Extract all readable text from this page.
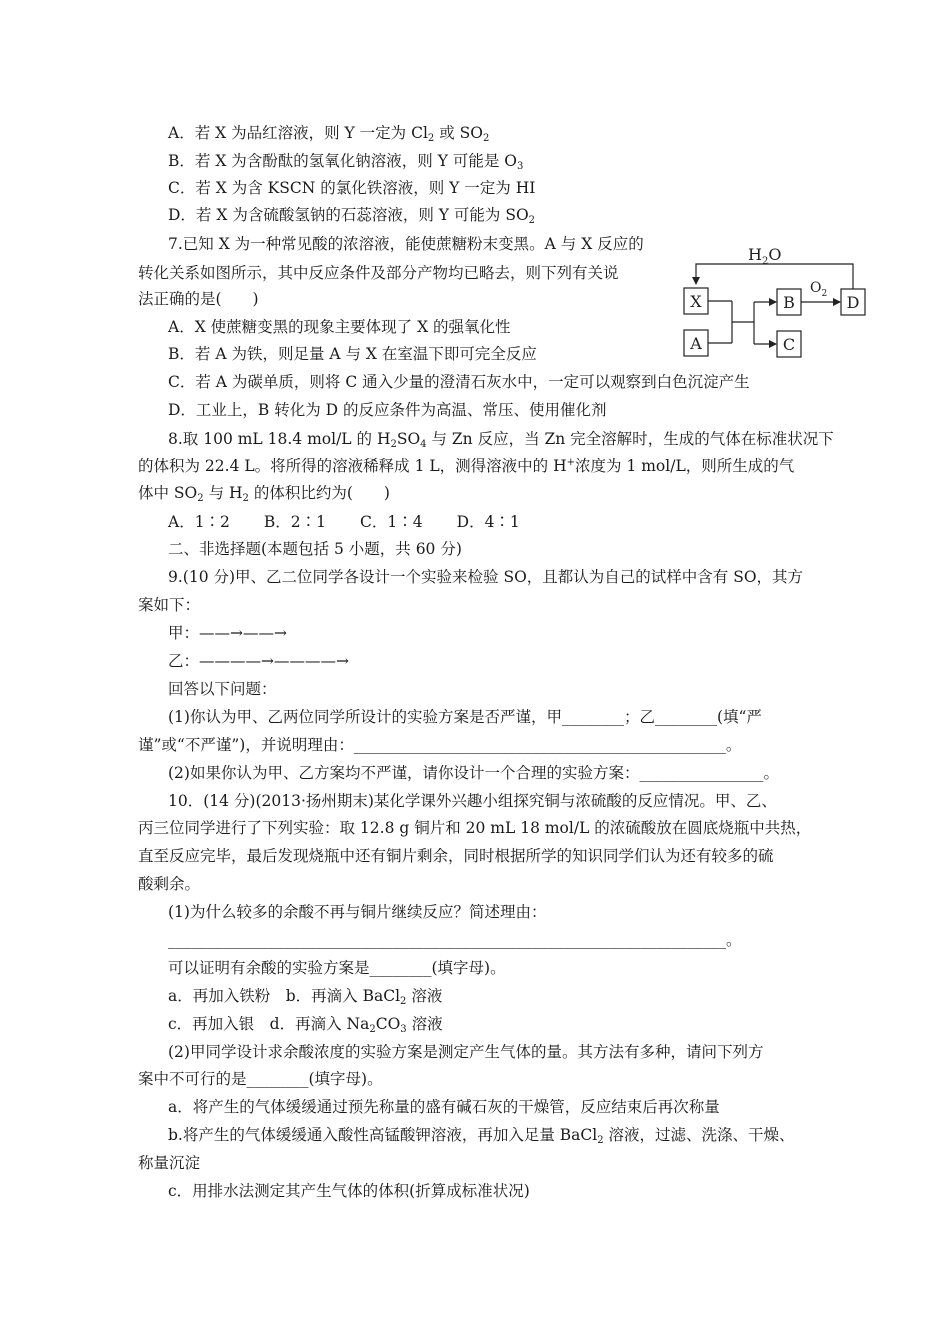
A．若 X 为品红溶液，则 Y 一定为 $Cl_2$ 或 $SO_2$
B．若 X 为含酚酞的氢氧化钠溶液，则 Y 可能是 $O_3$
C．若 X 为含 KSCN 的氯化铁溶液，则 Y 一定为 HI
D．若 X 为含硫酸氢钠的石蕊溶液，则 Y 可能为 $SO_2$
7.已知 X 为一种常见酸的浓溶液，能使蔗糖粉末变黑。A 与 X 反应的
转化关系如图所示，其中反应条件及部分产物均已略去，则下列有关说
法正确的是(　　)
A．X 使蔗糖变黑的现象主要体现了 X 的强氧化性
B．若 A 为铁，则足量 A 与 X 在室温下即可完全反应
C．若 A 为碳单质，则将 C 通入少量的澄清石灰水中，一定可以观察到白色沉淀产生
D．工业上，B 转化为 D 的反应条件为高温、常压、使用催化剂
$H_2O$
X
A
B
C
$O_2$ D
8.取 100 mL 18.4 mol/L 的 $H_2SO_4$ 与 Zn 反应，当 Zn 完全溶解时，生成的气体在标准状况下
的体积为 22.4 L。将所得的溶液稀释成 1 L，测得溶液中的 H+浓度为 1 mol/L，则所生成的气
体中 $SO_2$ 与 $H_2$ 的体积比约为(　　)
A．1∶2 B．2∶1 C．1∶4 D．4∶1
二、非选择题(本题包括 5 小题，共 60 分)
9.(10 分)甲、乙二位同学各设计一个实验来检验 SO，且都认为自己的试样中含有 SO，其方
案如下：
甲：——→——→
乙：————→————→
回答以下问题：
(1)你认为甲、乙两位同学所设计的实验方案是否严谨，甲________；乙________(填“严
谨”或“不严谨”)，并说明理由：________________________________________________。
(2)如果你认为甲、乙方案均不严谨，请你设计一个合理的实验方案：________________。
10．(14 分)(2013·扬州期末)某化学课外兴趣小组探究铜与浓硫酸的反应情况。甲、乙、
丙三位同学进行了下列实验：取 12.8 g 铜片和 20 mL 18 mol/L 的浓硫酸放在圆底烧瓶中共热，
直至反应完毕，最后发现烧瓶中还有铜片剩余，同时根据所学的知识同学们认为还有较多的硫
酸剩余。
(1)为什么较多的余酸不再与铜片继续反应？简述理由：
________________________________________________________________________。
可以证明有余酸的实验方案是________(填字母)。
a．再加入铁粉　b．再滴入 BaCl$_2$ 溶液
c．再加入银　d．再滴入 $Na_2CO_3$ 溶液
(2)甲同学设计求余酸浓度的实验方案是测定产生气体的量。其方法有多种，请问下列方
案中不可行的是________(填字母)。
a．将产生的气体缓缓通过预先称量的盛有碱石灰的干燥管，反应结束后再次称量
b.将产生的气体缓缓通入酸性高锰酸钾溶液，再加入足量 BaCl$_2$ 溶液，过滤、洗涤、干燥、
称量沉淀
c．用排水法测定其产生气体的体积(折算成标准状况)
